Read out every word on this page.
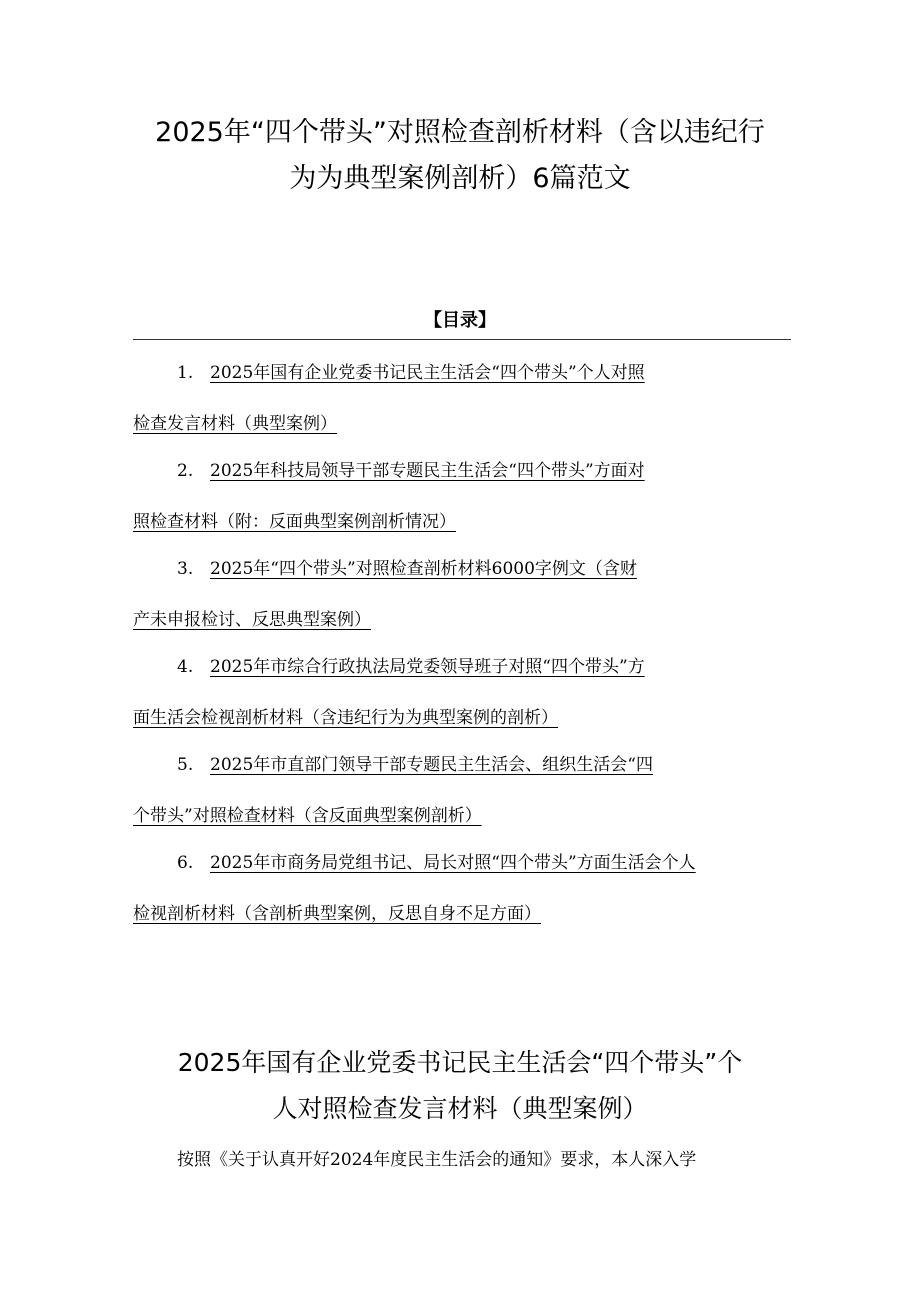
2025年“四个带头”对照检查剖析材料（含以违纪行
为为典型案例剖析）6篇范文
【目录】
1. 2025年国有企业党委书记民主生活会“四个带头”个人对照
检查发言材料（典型案例）
2. 2025年科技局领导干部专题民主生活会“四个带头”方面对
照检查材料（附：反面典型案例剖析情况）
3. 2025年“四个带头”对照检查剖析材料6000字例文（含财
产未申报检讨、反思典型案例）
4. 2025年市综合行政执法局党委领导班子对照“四个带头”方
面生活会检视剖析材料（含违纪行为为典型案例的剖析）
5. 2025年市直部门领导干部专题民主生活会、组织生活会“四
个带头”对照检查材料（含反面典型案例剖析）
6. 2025年市商务局党组书记、局长对照“四个带头”方面生活会个人
检视剖析材料（含剖析典型案例，反思自身不足方面）
2025年国有企业党委书记民主生活会“四个带头”个
人对照检查发言材料（典型案例）

按照《关于认真开好2024年度民主生活会的通知》要求，本人深入学
